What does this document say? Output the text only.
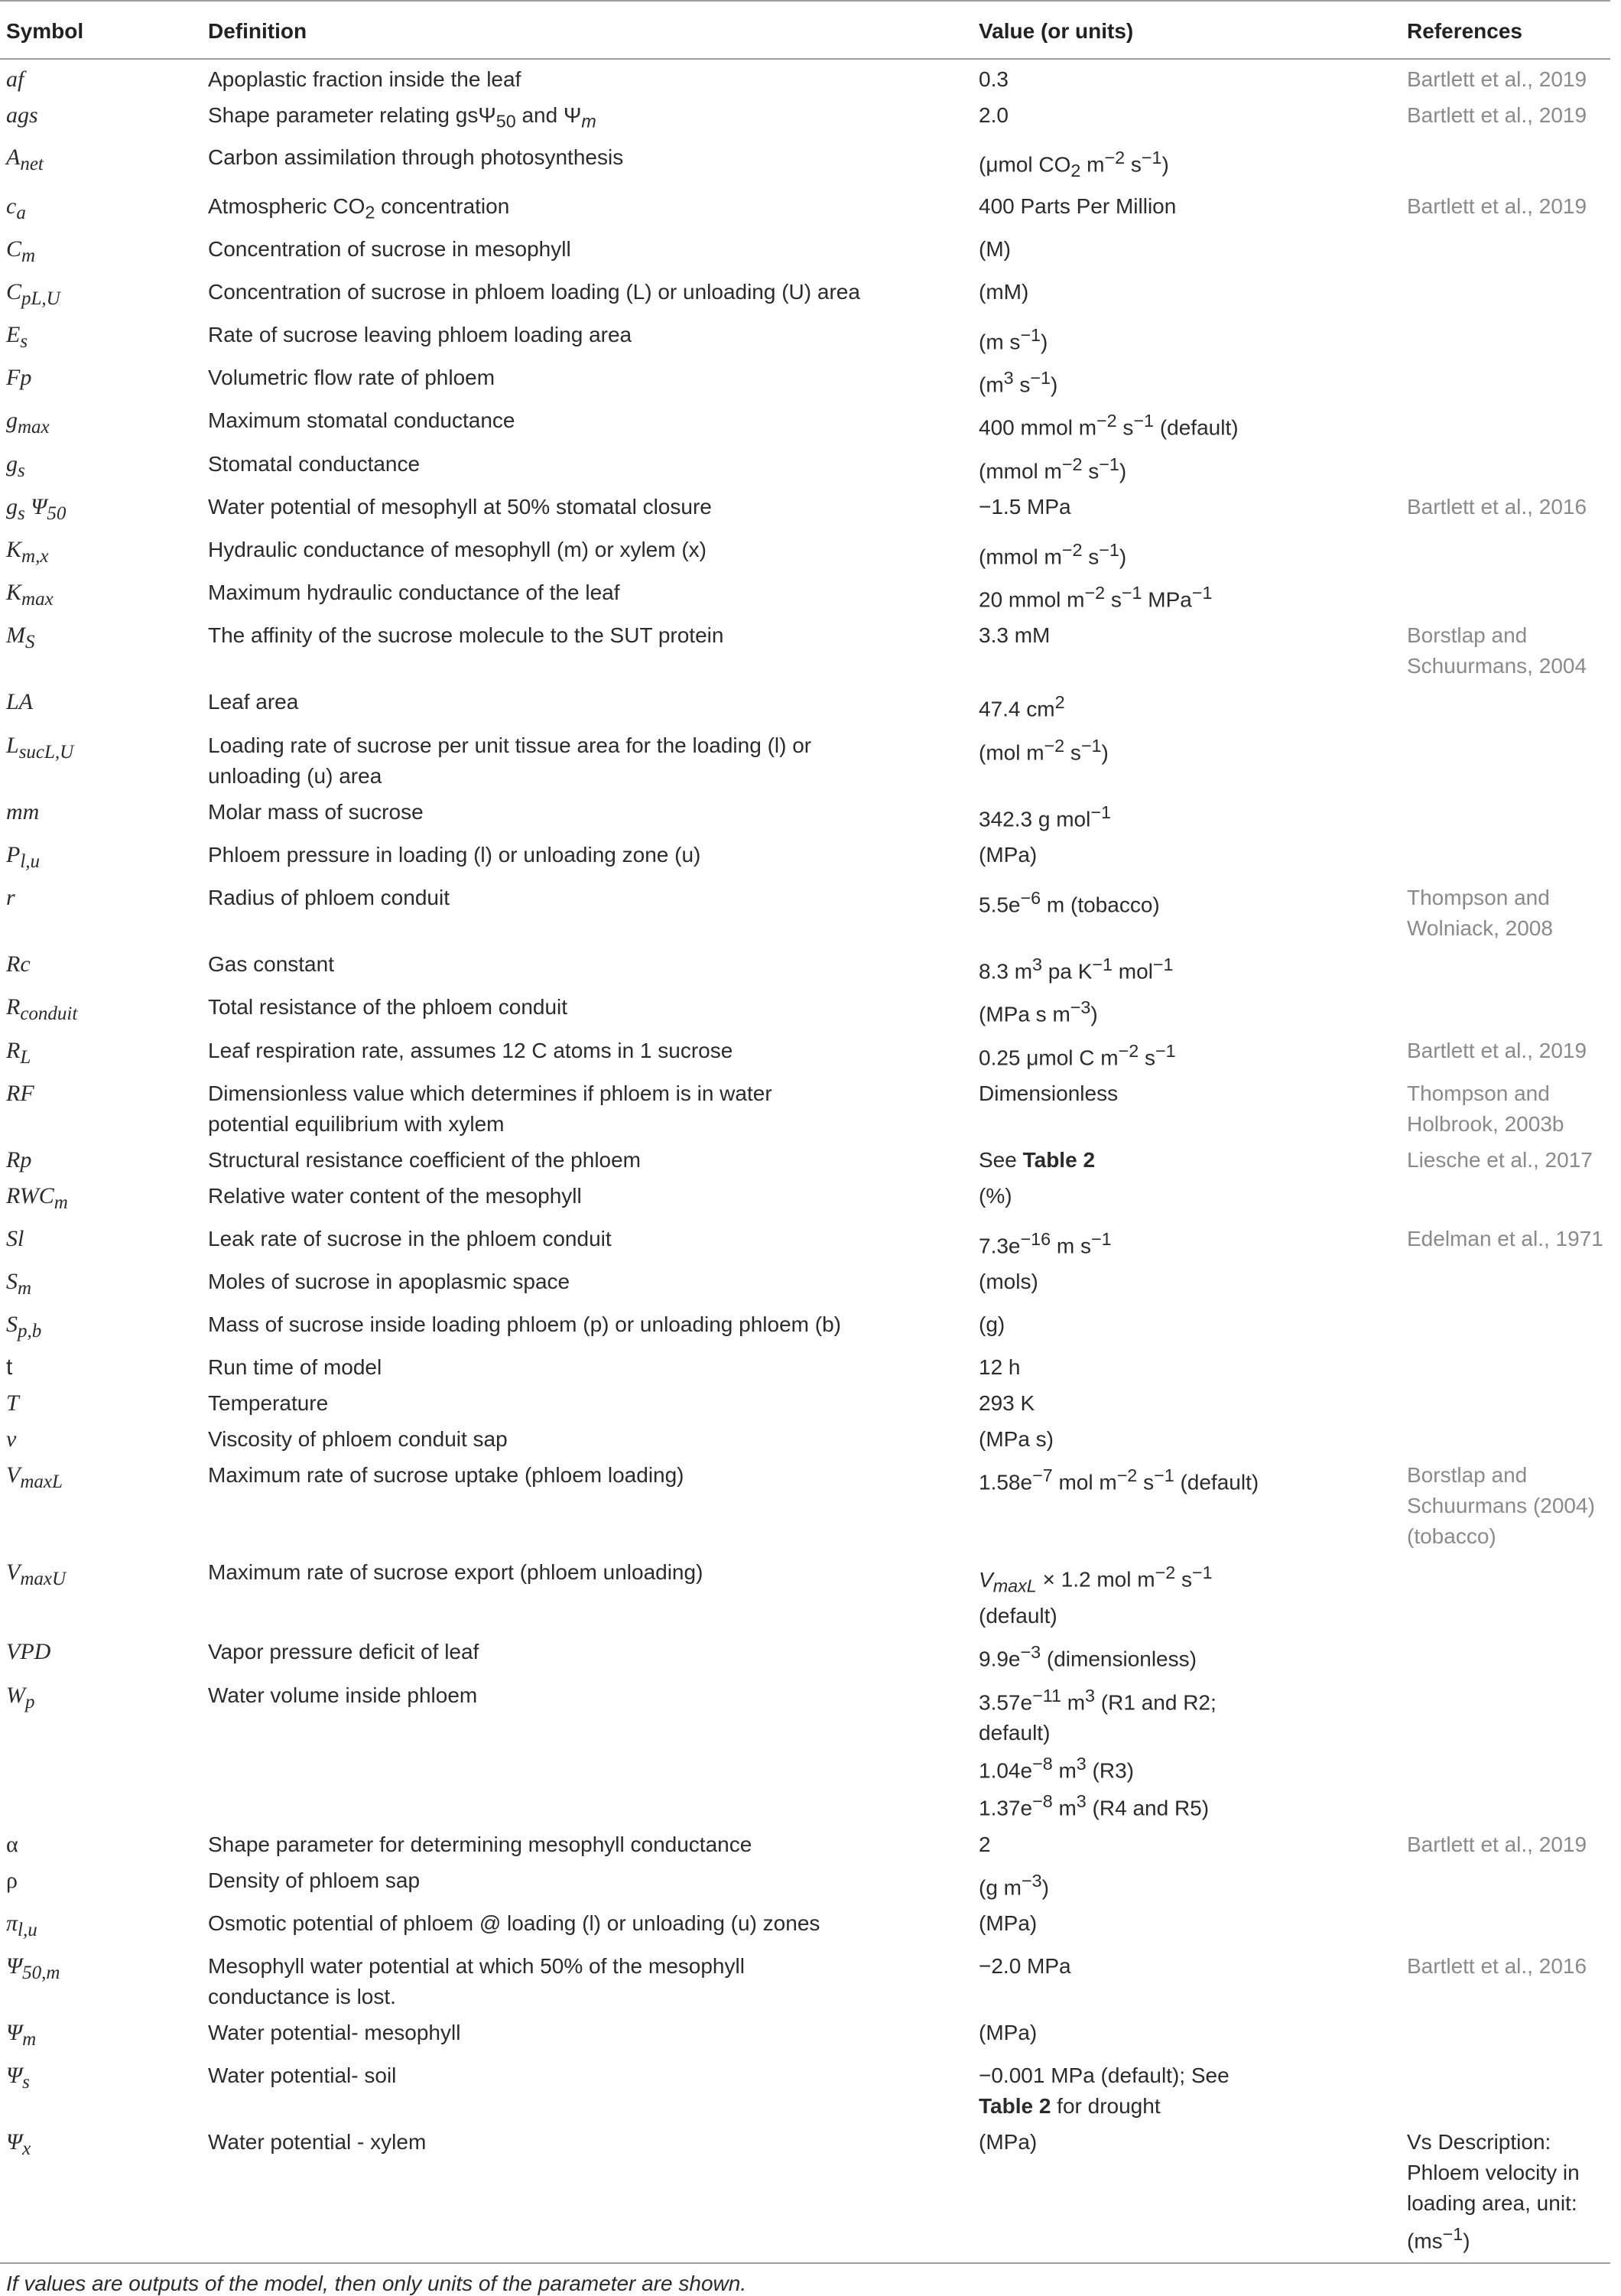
Symbol	Definition	Value (or units)	References
af	Apoplastic fraction inside the leaf	0.3	Bartlett et al., 2019
ags	Shape parameter relating gsΨ$_{50}$ and $\Psi_m$	2.0	Bartlett et al., 2019
$A_{net}$	Carbon assimilation through photosynthesis	(μmol $CO_2$ $m^{-2}$ $s^{-1}$)	
$c_a$	Atmospheric $CO_2$ concentration	400 Parts Per Million	Bartlett et al., 2019
$C_m$	Concentration of sucrose in mesophyll	(M)	
$C_{pL,U}$	Concentration of sucrose in phloem loading (L) or unloading (U) area	(mM)	
$E_s$	Rate of sucrose leaving phloem loading area	(m $s^{-1}$)	
Fp	Volumetric flow rate of phloem	($m^3$ $s^{-1}$)	
$g_{max}$	Maximum stomatal conductance	400 mmol $m^{-2}$ $s^{-1}$ (default)	
$g_s$	Stomatal conductance	(mmol $m^{-2}$ $s^{-1}$)	
$g_s$ $\Psi_{50}$	Water potential of mesophyll at 50% stomatal closure	−1.5 MPa	Bartlett et al., 2016
$K_{m,x}$	Hydraulic conductance of mesophyll (m) or xylem (x)	(mmol $m^{-2}$ $s^{-1}$)	
$K_{max}$	Maximum hydraulic conductance of the leaf	20 mmol $m^{-2}$ $s^{-1}$ MPa$^{-1}$	
$M_S$	The affinity of the sucrose molecule to the SUT protein	3.3 mM	Borstlap and
Schuurmans, 2004
LA	Leaf area	47.4 $cm^2$	
$L_{sucL,U}$	Loading rate of sucrose per unit tissue area for the loading (l) or
unloading (u) area	(mol $m^{-2}$ $s^{-1}$)	
mm	Molar mass of sucrose	342.3 g mol$^{-1}$	
$P_{l,u}$	Phloem pressure in loading (l) or unloading zone (u)	(MPa)	
r	Radius of phloem conduit	$5.5e^{-6}$ m (tobacco)	Thompson and
Wolniack, 2008
Rc	Gas constant	8.3 $m^3$ pa $K^{-1}$ mol$^{-1}$	
$R_{conduit}$	Total resistance of the phloem conduit	(MPa s $m^{-3}$)	
$R_L$	Leaf respiration rate, assumes 12 C atoms in 1 sucrose	0.25 μmol C $m^{-2}$ $s^{-1}$	Bartlett et al., 2019
RF	Dimensionless value which determines if phloem is in water
potential equilibrium with xylem	Dimensionless	Thompson and
Holbrook, 2003b
Rp	Structural resistance coefficient of the phloem	See Table 2	Liesche et al., 2017
$RWC_m$	Relative water content of the mesophyll	(%)	
Sl	Leak rate of sucrose in the phloem conduit	$7.3e^{-16}$ m $s^{-1}$	Edelman et al., 1971
$S_m$	Moles of sucrose in apoplasmic space	(mols)	
$S_{p,b}$	Mass of sucrose inside loading phloem (p) or unloading phloem (b)	(g)	
t	Run time of model	12 h	
T	Temperature	293 K	
v	Viscosity of phloem conduit sap	(MPa s)	
$V_{maxL}$	Maximum rate of sucrose uptake (phloem loading)	$1.58e^{-7}$ mol $m^{-2}$ $s^{-1}$ (default)	Borstlap and
Schuurmans (2004)
(tobacco)
$V_{maxU}$	Maximum rate of sucrose export (phloem unloading)	$V_{maxL} \times 1.2$ mol $m^{-2}$ $s^{-1}$
(default)	
VPD	Vapor pressure deficit of leaf	$9.9e^{-3}$ (dimensionless)	
$W_p$	Water volume inside phloem	$3.57e^{-11}$ $m^3$ (R1 and R2;
default)
$1.04e^{-8}$ $m^3$ (R3)
$1.37e^{-8}$ $m^3$ (R4 and R5)	
α	Shape parameter for determining mesophyll conductance	2	Bartlett et al., 2019
ρ	Density of phloem sap	(g $m^{-3}$)	
$\pi_{l,u}$	Osmotic potential of phloem @ loading (l) or unloading (u) zones	(MPa)	
$\Psi_{50,m}$	Mesophyll water potential at which 50% of the mesophyll
conductance is lost.	−2.0 MPa	Bartlett et al., 2016
$\Psi_m$	Water potential- mesophyll	(MPa)	
$\Psi_s$	Water potential- soil	−0.001 MPa (default); See
Table 2 for drought	
$\Psi_x$	Water potential - xylem	(MPa)	Vs Description:
Phloem velocity in
loading area, unit:
$(ms^{-1})$
If values are outputs of the model, then only units of the parameter are shown.
